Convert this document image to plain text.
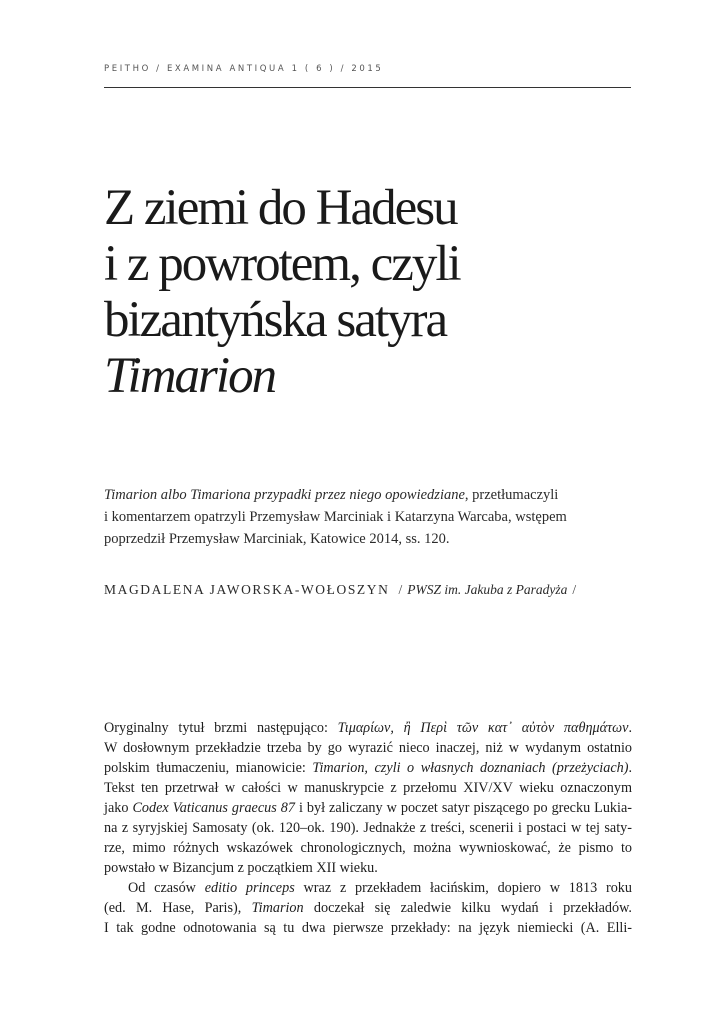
PEITHO / EXAMINA ANTIQUA 1 ( 6 ) / 2015
Z ziemi do Hadesu
i z powrotem, czyli
bizantyńska satyra
Timarion
Timarion albo Timariona przypadki przez niego opowiedziane, przetłumaczyli
i komentarzem opatrzyli Przemysław Marciniak i Katarzyna Warcaba, wstępem
poprzedził Przemysław Marciniak, Katowice 2014, ss. 120.
MAGDALENA JAWORSKA-WOŁOSZYN / PWSZ im. Jakuba z Paradyża /
Oryginalny tytuł brzmi następująco: Τιμαρίων, ἢ Περὶ τῶν κατ᾽ αὐτὸν παθημάτων.
W dosłownym przekładzie trzeba by go wyrazić nieco inaczej, niż w wydanym ostatnio
polskim tłumaczeniu, mianowicie: Timarion, czyli o własnych doznaniach (przeżyciach).
Tekst ten przetrwał w całości w manuskrypcie z przełomu XIV/XV wieku oznaczonym
jako Codex Vaticanus graecus 87 i był zaliczany w poczet satyr piszącego po grecku Lukia-
na z syryjskiej Samosaty (ok. 120–ok. 190). Jednakże z treści, scenerii i postaci w tej saty-
rze, mimo różnych wskazówek chronologicznych, można wywnioskować, że pismo to
powstało w Bizancjum z początkiem XII wieku.
Od czasów editio princeps wraz z przekładem łacińskim, dopiero w 1813 roku
(ed. M. Hase, Paris), Timarion doczekał się zaledwie kilku wydań i przekładów.
I tak godne odnotowania są tu dwa pierwsze przekłady: na język niemiecki (A. Elli-
